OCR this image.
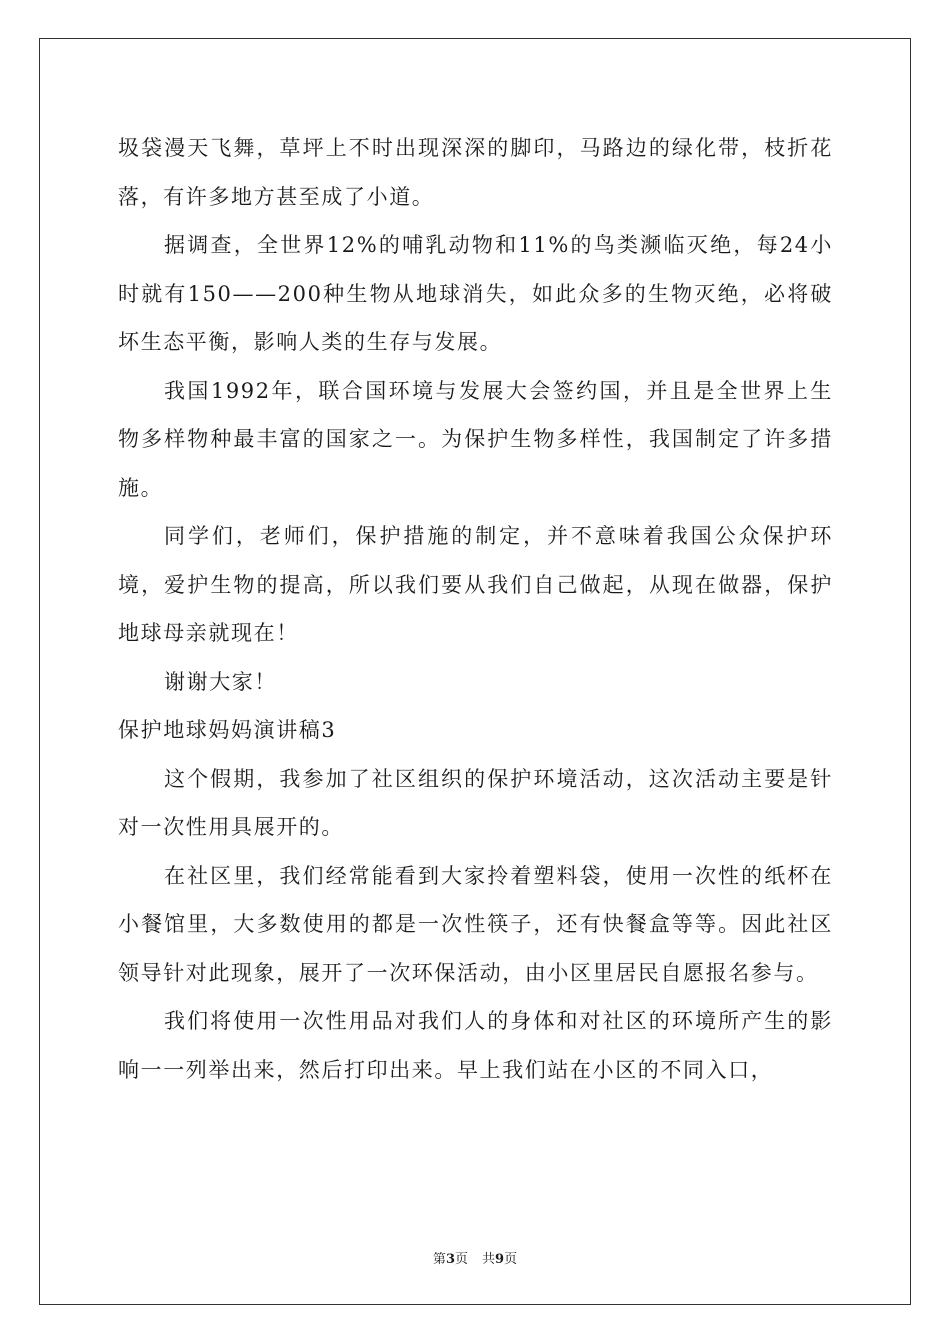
圾袋漫天飞舞，草坪上不时出现深深的脚印，马路边的绿化带，枝折花落，有许多地方甚至成了小道。

据调查，全世界12%的哺乳动物和11%的鸟类濒临灭绝，每24小时就有150——200种生物从地球消失，如此众多的生物灭绝，必将破坏生态平衡，影响人类的生存与发展。

我国1992年，联合国环境与发展大会签约国，并且是全世界上生物多样物种最丰富的国家之一。为保护生物多样性，我国制定了许多措施。

同学们，老师们，保护措施的制定，并不意味着我国公众保护环境，爱护生物的提高，所以我们要从我们自己做起，从现在做器，保护地球母亲就现在！

谢谢大家！

保护地球妈妈演讲稿3

这个假期，我参加了社区组织的保护环境活动，这次活动主要是针对一次性用具展开的。

在社区里，我们经常能看到大家拎着塑料袋，使用一次性的纸杯在小餐馆里，大多数使用的都是一次性筷子，还有快餐盒等等。因此社区领导针对此现象，展开了一次环保活动，由小区里居民自愿报名参与。

我们将使用一次性用品对我们人的身体和对社区的环境所产生的影响一一列举出来，然后打印出来。早上我们站在小区的不同入口，

第3页 共9页
